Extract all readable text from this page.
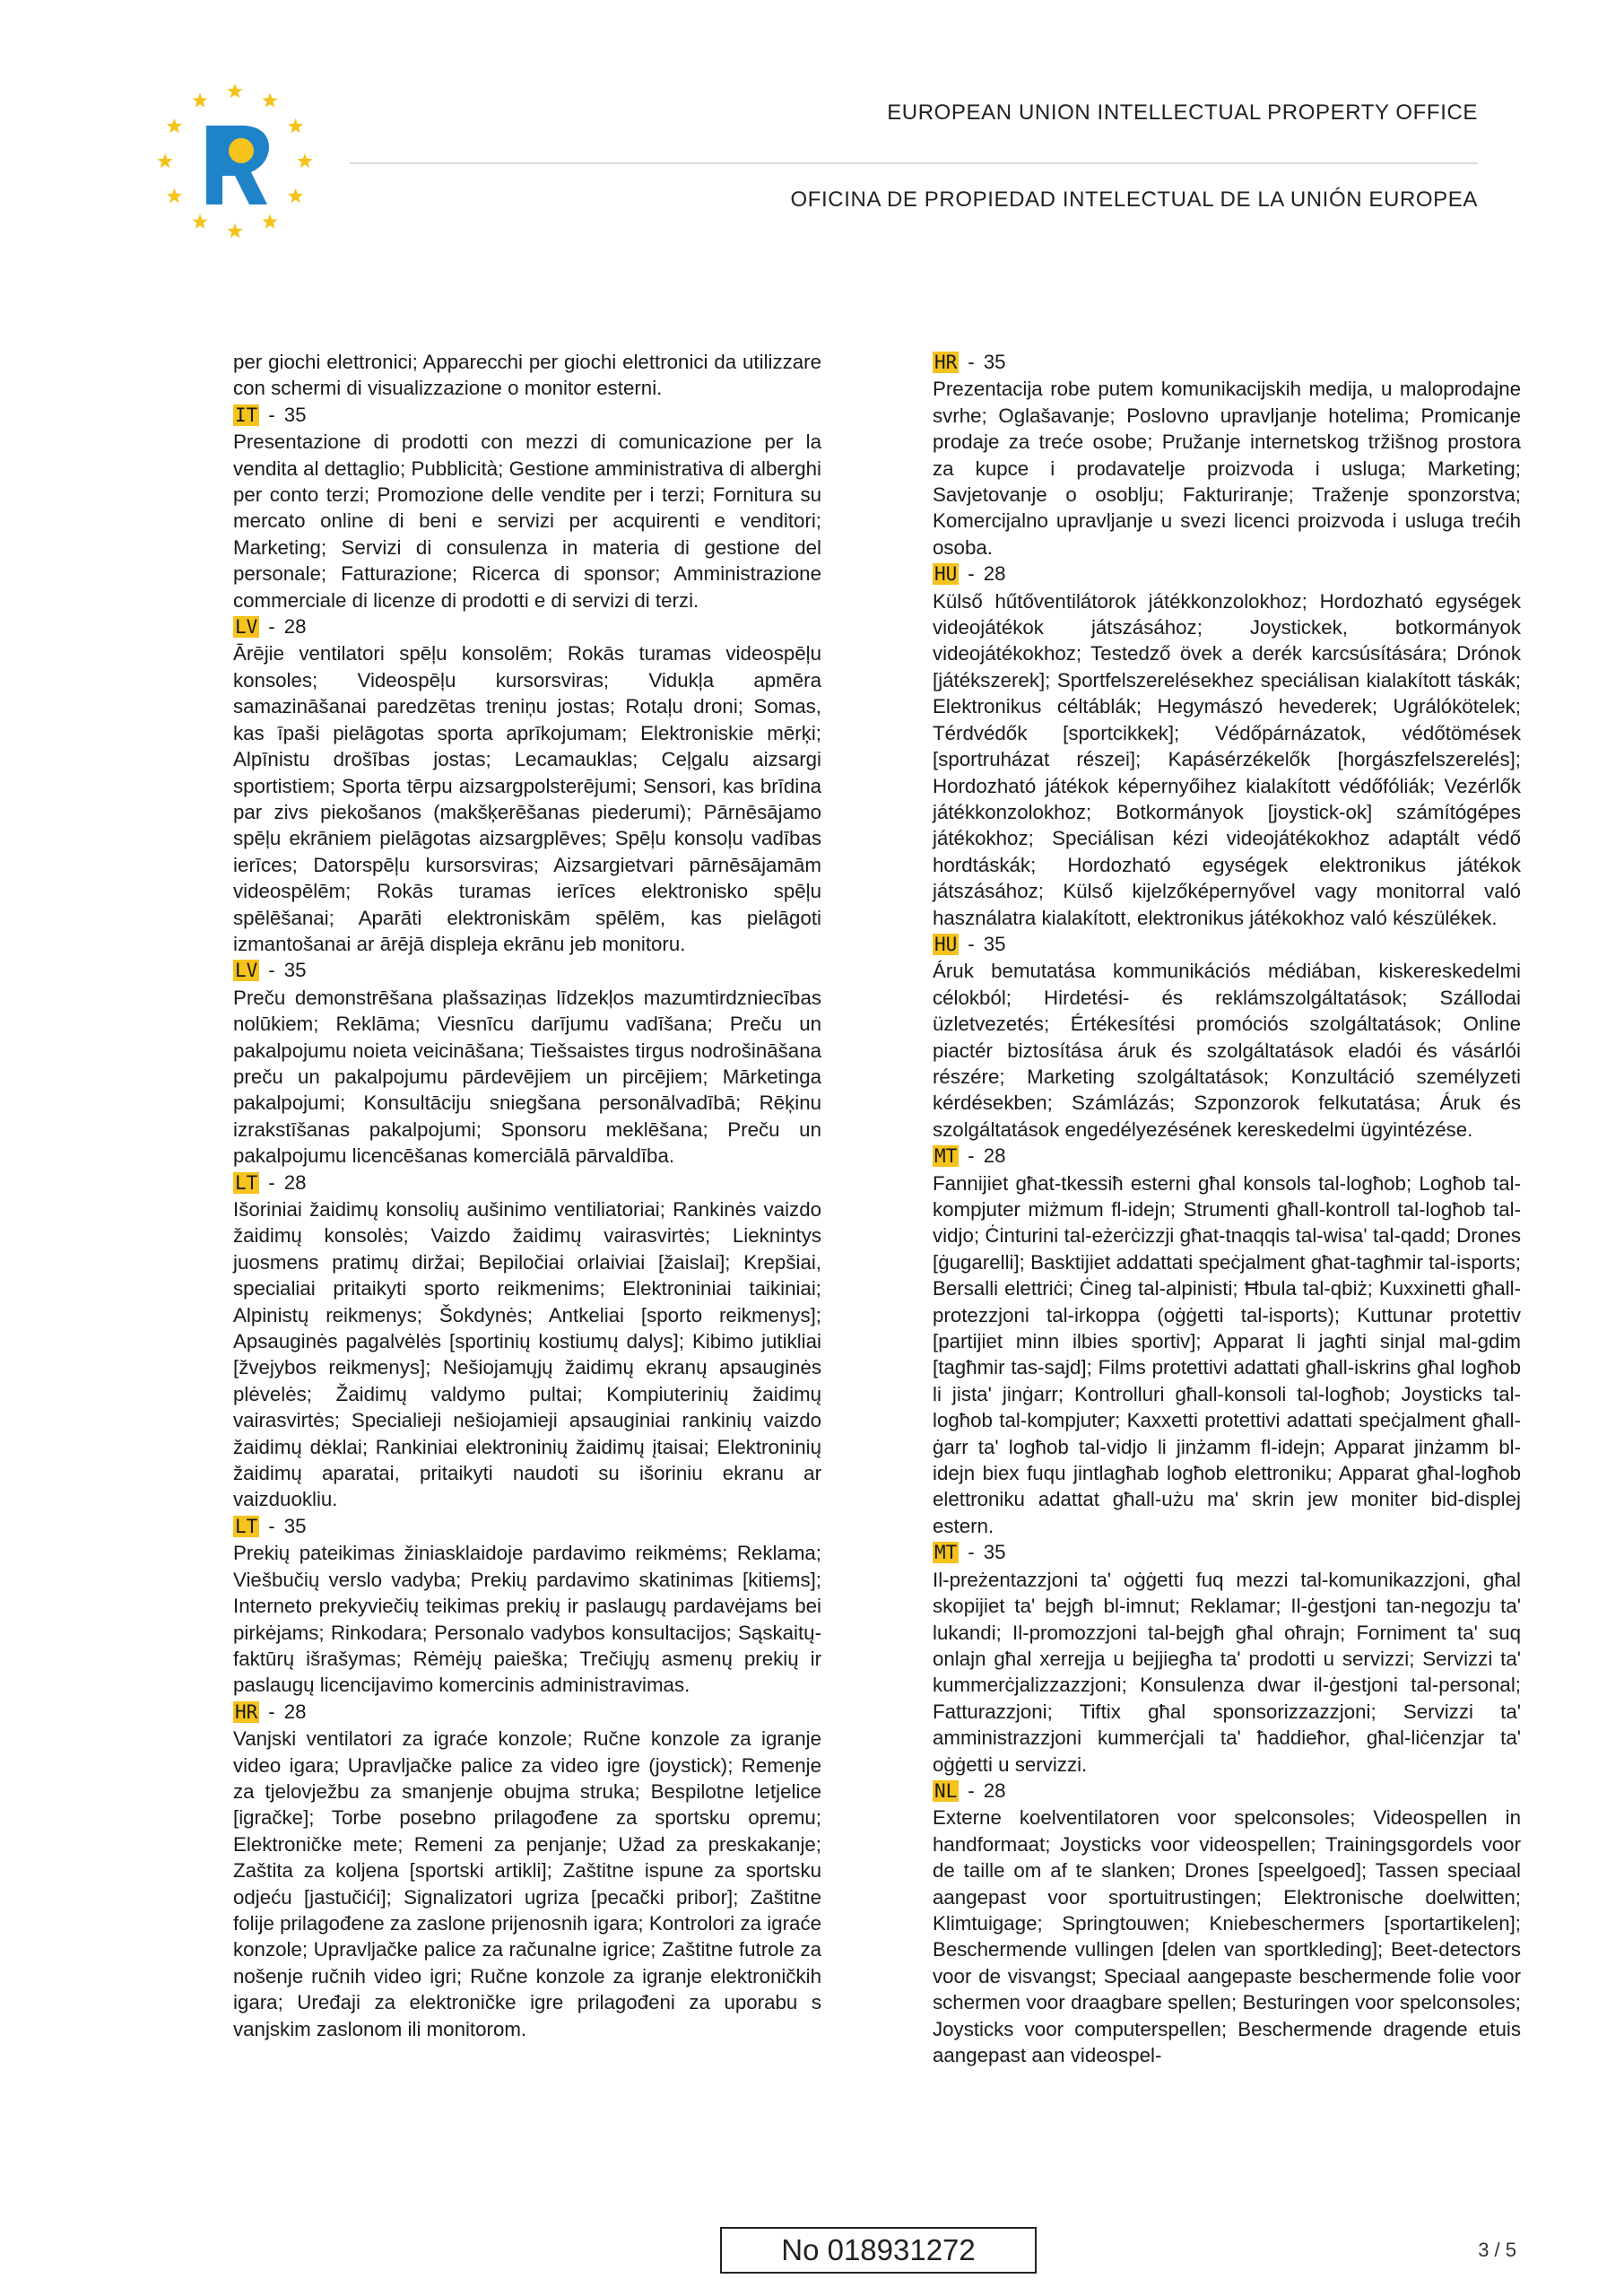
EUROPEAN UNION INTELLECTUAL PROPERTY OFFICE
OFICINA DE PROPIEDAD INTELECTUAL DE LA UNIÓN EUROPEA

per giochi elettronici; Apparecchi per giochi elettronici da utilizzare con schermi di visualizzazione o monitor esterni.

IT - 35

Presentazione di prodotti con mezzi di comunicazione per la vendita al dettaglio; Pubblicità; Gestione amministrativa di alberghi per conto terzi; Promozione delle vendite per i terzi; Fornitura su mercato online di beni e servizi per acquirenti e venditori; Marketing; Servizi di consulenza in materia di gestione del personale; Fatturazione; Ricerca di sponsor; Amministrazione commerciale di licenze di prodotti e di servizi di terzi.

LV - 28

Ārējie ventilatori spēļu konsolēm; Rokās turamas videospēļu konsoles; Videospēļu kursorsviras; Vidukļa apmēra samazināšanai paredzētas treniņu jostas; Rotaļu droni; Somas, kas īpaši pielāgotas sporta aprīkojumam; Elektroniskie mērķi; Alpīnistu drošības jostas; Lecamauklas; Ceļgalu aizsargi sportistiem; Sporta tērpu aizsargpolsterējumi; Sensori, kas brīdina par zivs piekošanos (makšķerēšanas piederumi); Pārnēsājamo spēļu ekrāniem pielāgotas aizsargplēves; Spēļu konsoļu vadības ierīces; Datorspēļu kursorsviras; Aizsargietvari pārnēsājamām videospēlēm; Rokās turamas ierīces elektronisko spēļu spēlēšanai; Aparāti elektroniskām spēlēm, kas pielāgoti izmantošanai ar ārējā displeja ekrānu jeb monitoru.

LV - 35

Preču demonstrēšana plašsaziņas līdzekļos mazumtirdzniecības nolūkiem; Reklāma; Viesnīcu darījumu vadīšana; Preču un pakalpojumu noieta veicināšana; Tiešsaistes tirgus nodrošināšana preču un pakalpojumu pārdevējiem un pircējiem; Mārketinga pakalpojumi; Konsultāciju sniegšana personālvadībā; Rēķinu izrakstīšanas pakalpojumi; Sponsoru meklēšana; Preču un pakalpojumu licencēšanas komerciālā pārvaldība.

LT - 28

Išoriniai žaidimų konsolių aušinimo ventiliatoriai; Rankinės vaizdo žaidimų konsolės; Vaizdo žaidimų vairasvirtės; Lieknintys juosmens pratimų diržai; Bepiločiai orlaiviai [žaislai]; Krepšiai, specialiai pritaikyti sporto reikmenims; Elektroniniai taikiniai; Alpinistų reikmenys; Šokdynės; Antkeliai [sporto reikmenys]; Apsauginės pagalvėlės [sportinių kostiumų dalys]; Kibimo jutikliai [žvejybos reikmenys]; Nešiojamųjų žaidimų ekranų apsauginės plėvelės; Žaidimų valdymo pultai; Kompiuterinių žaidimų vairasvirtės; Specialieji nešiojamieji apsauginiai rankinių vaizdo žaidimų dėklai; Rankiniai elektroninių žaidimų įtaisai; Elektroninių žaidimų aparatai, pritaikyti naudoti su išoriniu ekranu ar vaizduokliu.

LT - 35

Prekių pateikimas žiniasklaidoje pardavimo reikmėms; Reklama; Viešbučių verslo vadyba; Prekių pardavimo skatinimas [kitiems]; Interneto prekyviečių teikimas prekių ir paslaugų pardavėjams bei pirkėjams; Rinkodara; Personalo vadybos konsultacijos; Sąskaitų-faktūrų išrašymas; Rėmėjų paieška; Trečiųjų asmenų prekių ir paslaugų licencijavimo komercinis administravimas.

HR - 28

Vanjski ventilatori za igraće konzole; Ručne konzole za igranje video igara; Upravljačke palice za video igre (joystick); Remenje za tjelovježbu za smanjenje obujma struka; Bespilotne letjelice [igračke]; Torbe posebno prilagođene za sportsku opremu; Elektroničke mete; Remeni za penjanje; Užad za preskakanje; Zaštita za koljena [sportski artikli]; Zaštitne ispune za sportsku odjeću [jastučići]; Signalizatori ugriza [pecački pribor]; Zaštitne folije prilagođene za zaslone prijenosnih igara; Kontrolori za igraće konzole; Upravljačke palice za računalne igrice; Zaštitne futrole za nošenje ručnih video igri; Ručne konzole za igranje elektroničkih igara; Uređaji za elektroničke igre prilagođeni za uporabu s vanjskim zaslonom ili monitorom.

HR - 35

Prezentacija robe putem komunikacijskih medija, u maloprodajne svrhe; Oglašavanje; Poslovno upravljanje hotelima; Promicanje prodaje za treće osobe; Pružanje internetskog tržišnog prostora za kupce i prodavatelje proizvoda i usluga; Marketing; Savjetovanje o osoblju; Fakturiranje; Traženje sponzorstva; Komercijalno upravljanje u svezi licenci proizvoda i usluga trećih osoba.

HU - 28

Külső hűtőventilátorok játékkonzolokhoz; Hordozható egységek videojátékok játszásához; Joystickek, botkormányok videojátékokhoz; Testedző övek a derék karcsúsítására; Drónok [játékszerek]; Sportfelszerelésekhez speciálisan kialakított táskák; Elektronikus céltáblák; Hegymászó hevederek; Ugrálókötelek; Térdvédők [sportcikkek]; Védőpárnázatok, védőtömések [sportruházat részei]; Kapásérzékelők [horgászfelszerelés]; Hordozható játékok képernyőihez kialakított védőfóliák; Vezérlők játékkonzolokhoz; Botkormányok [joystick-ok] számítógépes játékokhoz; Speciálisan kézi videojátékokhoz adaptált védő hordtáskák; Hordozható egységek elektronikus játékok játszásához; Külső kijelzőképernyővel vagy monitorral való használatra kialakított, elektronikus játékokhoz való készülékek.

HU - 35

Áruk bemutatása kommunikációs médiában, kiskereskedelmi célokból; Hirdetési- és reklámszolgáltatások; Szállodai üzletvezetés; Értékesítési promóciós szolgáltatások; Online piactér biztosítása áruk és szolgáltatások eladói és vásárlói részére; Marketing szolgáltatások; Konzultáció személyzeti kérdésekben; Számlázás; Szponzorok felkutatása; Áruk és szolgáltatások engedélyezésének kereskedelmi ügyintézése.

MT - 28

Fannijiet għat-tkessiħ esterni għal konsols tal-logħob; Logħob tal-kompjuter miżmum fl-idejn; Strumenti għall-kontroll tal-logħob tal-vidjo; Ċinturini tal-eżerċizzji għat-tnaqqis tal-wisa' tal-qadd; Drones [ġugarelli]; Basktijiet addattati speċjalment għat-tagħmir tal-isports; Bersalli elettriċi; Ċineg tal-alpinisti; Ħbula tal-qbiż; Kuxxinetti għall-protezzjoni tal-irkoppa (oġġetti tal-isports); Kuttunar protettiv [partijiet minn ilbies sportiv]; Apparat li jagħti sinjal mal-gdim [tagħmir tas-sajd]; Films protettivi adattati għall-iskrins għal logħob li jista' jinġarr; Kontrolluri għall-konsoli tal-logħob; Joysticks tal-logħob tal-kompjuter; Kaxxetti protettivi adattati speċjalment għall-ġarr ta' logħob tal-vidjo li jinżamm fl-idejn; Apparat jinżamm bl-idejn biex fuqu jintlagħab logħob elettroniku; Apparat għal-logħob elettroniku adattat għall-użu ma' skrin jew moniter bid-displej estern.

MT - 35

Il-preżentazzjoni ta' oġġetti fuq mezzi tal-komunikazzjoni, għal skopijiet ta' bejgħ bl-imnut; Reklamar; Il-ġestjoni tan-negozju ta' lukandi; Il-promozzjoni tal-bejgħ għal oħrajn; Forniment ta' suq onlajn għal xerrejja u bejjiegħa ta' prodotti u servizzi; Servizzi ta' kummerċjalizzazzjoni; Konsulenza dwar il-ġestjoni tal-personal; Fatturazzjoni; Tiftix għal sponsorizzazzjoni; Servizzi ta' amministrazzjoni kummerċjali ta' ħaddieħor, għal-liċenzjar ta' oġġetti u servizzi.

NL - 28

Externe koelventilatoren voor spelconsoles; Videospellen in handformaat; Joysticks voor videospellen; Trainingsgordels voor de taille om af te slanken; Drones [speelgoed]; Tassen speciaal aangepast voor sportuitrustingen; Elektronische doelwitten; Klimtuigage; Springtouwen; Kniebeschermers [sportartikelen]; Beschermende vullingen [delen van sportkleding]; Beet-detectors voor de visvangst; Speciaal aangepaste beschermende folie voor schermen voor draagbare spellen; Besturingen voor spelconsoles; Joysticks voor computerspellen; Beschermende dragende etuis aangepast aan videospel-

No 018931272	3 / 5
